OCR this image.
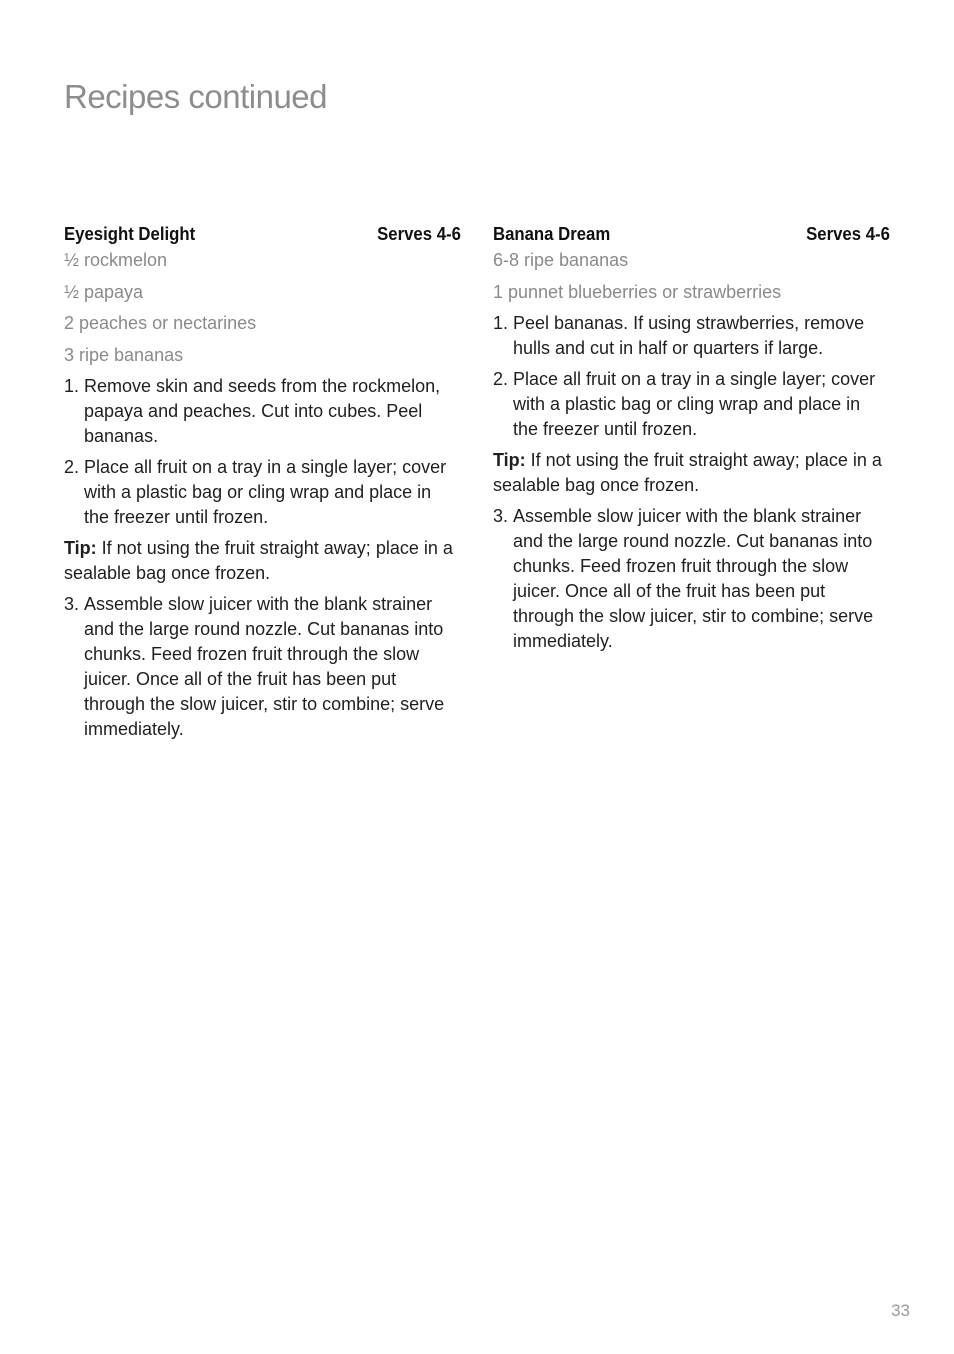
Recipes continued
Eyesight Delight	Serves 4-6
½ rockmelon
½ papaya
2 peaches or nectarines
3 ripe bananas
1. Remove skin and seeds from the rockmelon, papaya and peaches. Cut into cubes. Peel bananas.
2. Place all fruit on a tray in a single layer; cover with a plastic bag or cling wrap and place in the freezer until frozen.
Tip: If not using the fruit straight away; place in a sealable bag once frozen.
3. Assemble slow juicer with the blank strainer and the large round nozzle. Cut bananas into chunks. Feed frozen fruit through the slow juicer. Once all of the fruit has been put through the slow juicer, stir to combine; serve immediately.
Banana Dream	Serves 4-6
6-8 ripe bananas
1 punnet blueberries or strawberries
1. Peel bananas. If using strawberries, remove hulls and cut in half or quarters if large.
2. Place all fruit on a tray in a single layer; cover with a plastic bag or cling wrap and place in the freezer until frozen.
Tip: If not using the fruit straight away; place in a sealable bag once frozen.
3. Assemble slow juicer with the blank strainer and the large round nozzle. Cut bananas into chunks. Feed frozen fruit through the slow juicer. Once all of the fruit has been put through the slow juicer, stir to combine; serve immediately.
33
